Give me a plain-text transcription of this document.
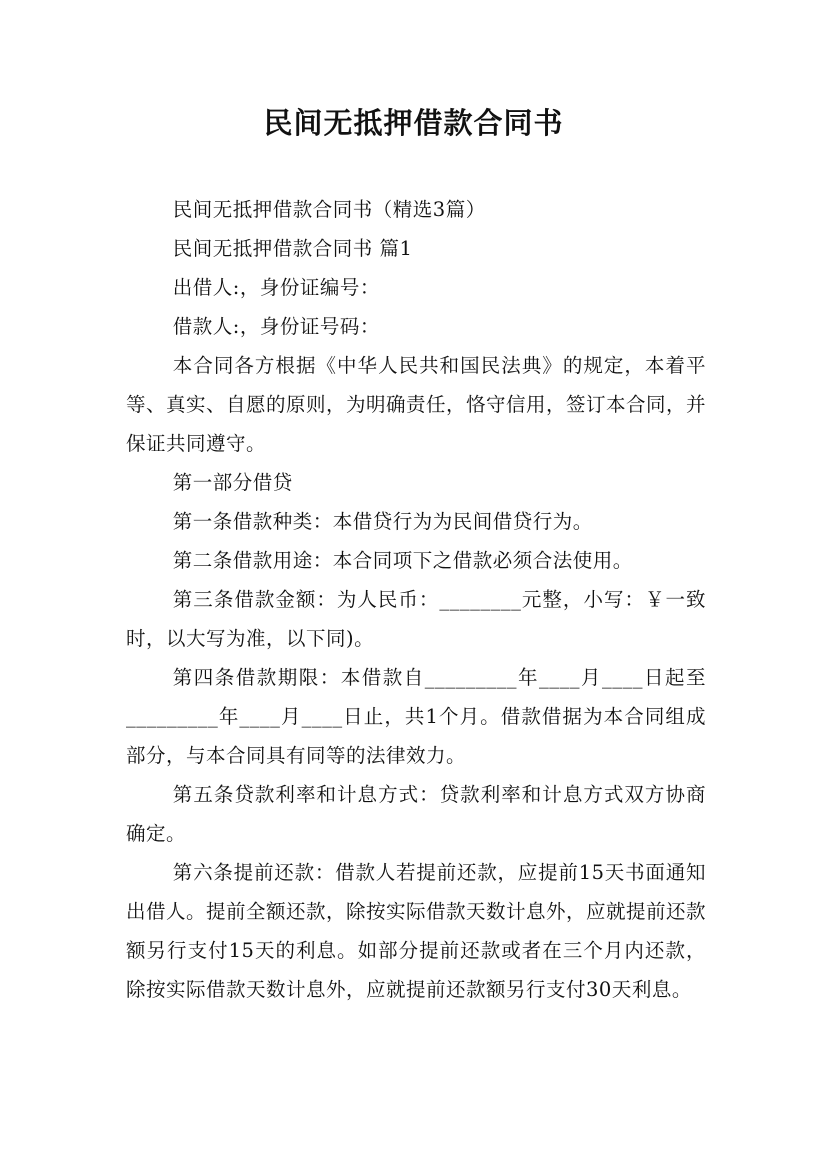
民间无抵押借款合同书

民间无抵押借款合同书（精选3篇）

民间无抵押借款合同书 篇1

出借人:，身份证编号：

借款人:，身份证号码：

本合同各方根据《中华人民共和国民法典》的规定，本着平等、真实、自愿的原则，为明确责任，恪守信用，签订本合同，并保证共同遵守。

第一部分借贷

第一条借款种类：本借贷行为为民间借贷行为。

第二条借款用途：本合同项下之借款必须合法使用。

第三条借款金额：为人民币：________元整，小写：￥一致时，以大写为准，以下同)。

第四条借款期限：本借款自_________年____月____日起至_________年____月____日止，共1个月。借款借据为本合同组成部分，与本合同具有同等的法律效力。

第五条贷款利率和计息方式：贷款利率和计息方式双方协商确定。

第六条提前还款：借款人若提前还款，应提前15天书面通知出借人。提前全额还款，除按实际借款天数计息外，应就提前还款额另行支付15天的利息。如部分提前还款或者在三个月内还款，除按实际借款天数计息外，应就提前还款额另行支付30天利息。
